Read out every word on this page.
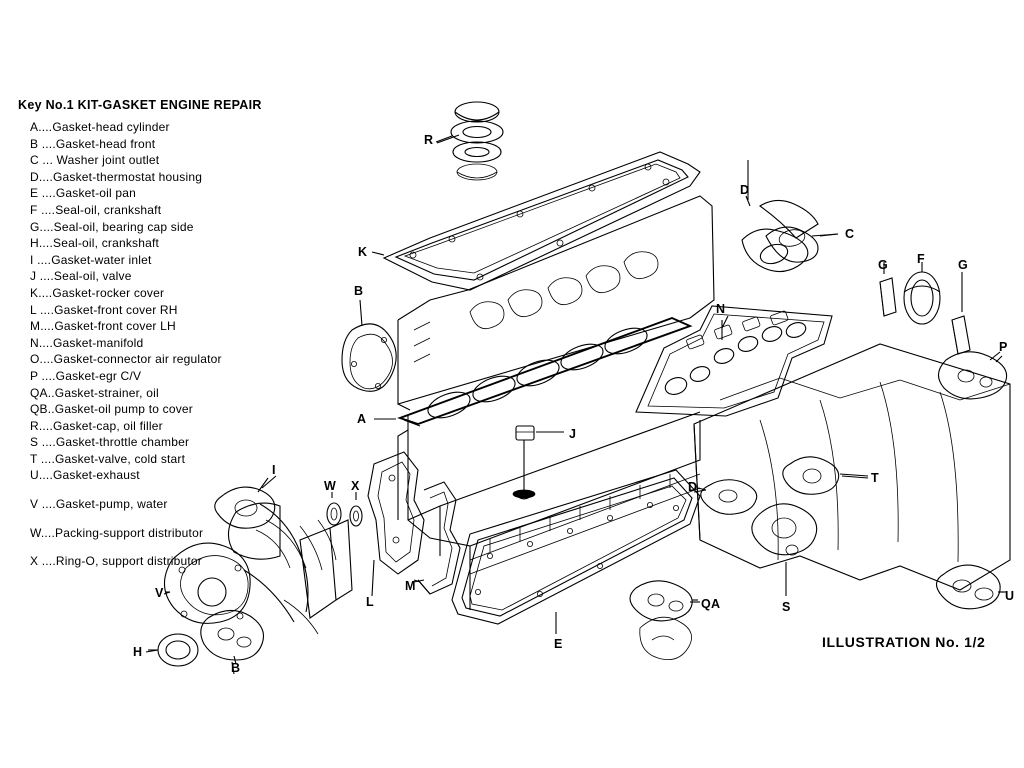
Key No.1 KIT-GASKET ENGINE REPAIR
A....Gasket-head cylinder
B ....Gasket-head front
C ... Washer joint outlet
D....Gasket-thermostat housing
E ....Gasket-oil pan
F ....Seal-oil, crankshaft
G....Seal-oil, bearing cap side
H....Seal-oil, crankshaft
I ....Gasket-water inlet
J ....Seal-oil, valve
K....Gasket-rocker cover
L ....Gasket-front cover RH
M....Gasket-front cover LH
N....Gasket-manifold
O....Gasket-connector air regulator
P ....Gasket-egr C/V
QA..Gasket-strainer, oil
QB..Gasket-oil pump to cover
R....Gasket-cap, oil filler
S ....Gasket-throttle chamber
T ....Gasket-valve, cold start
U....Gasket-exhaust
V ....Gasket-pump, water
W....Packing-support distributor
X ....Ring-O, support distributor
R
K
D
C
G F	G
B
N
P
A
J
I
W X	D
T
M
L
V
S
QA
U
E
H
B
ILLUSTRATION No. 1/2
